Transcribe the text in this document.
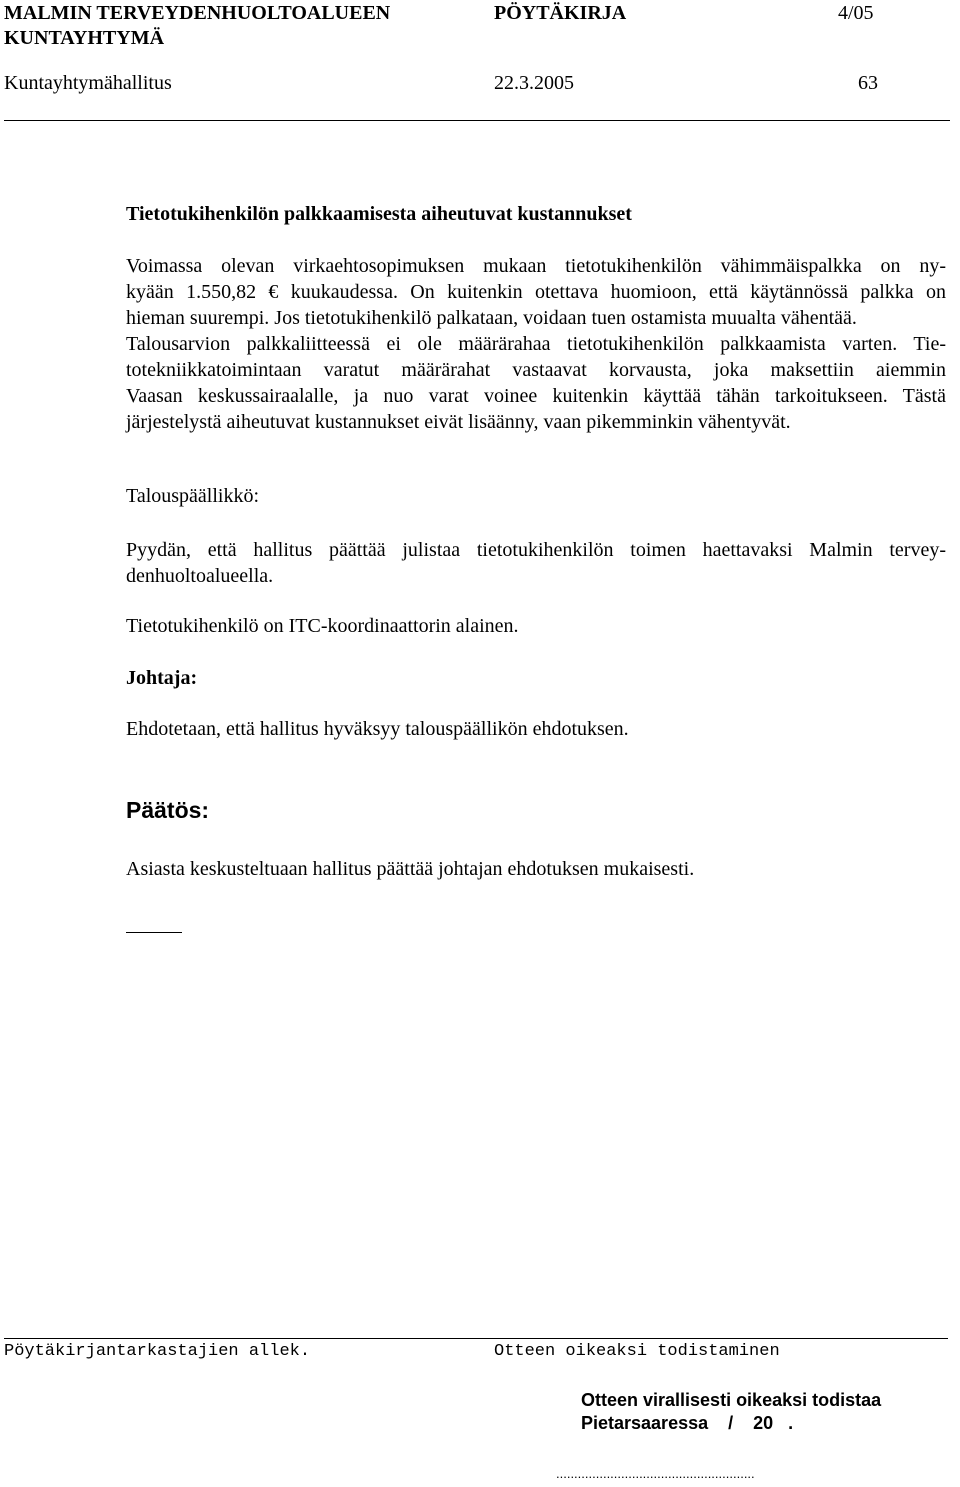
MALMIN TERVEYDENHUOLTOALUEEN
KUNTAYHTYMÄ
PÖYTÄKIRJA	4/05
Kuntayhtymähallitus	22.3.2005	63
Tietotukihenkilön palkkaamisesta aiheutuvat kustannukset
Voimassa olevan virkaehtosopimuksen mukaan tietotukihenkilön vähimmäispalkka on ny-
kyään 1.550,82 € kuukaudessa. On kuitenkin otettava huomioon, että käytännössä palkka on
hieman suurempi. Jos tietotukihenkilö palkataan, voidaan tuen ostamista muualta vähentää.
Talousarvion palkkaliitteessä ei ole määrärahaa tietotukihenkilön palkkaamista varten. Tie-
totekniikkatoimintaan varatut määrärahat vastaavat korvausta, joka maksettiin aiemmin
Vaasan keskussairaalalle, ja nuo varat voinee kuitenkin käyttää tähän tarkoitukseen. Tästä
järjestelystä aiheutuvat kustannukset eivät lisäänny, vaan pikemminkin vähentyvät.
Talouspäällikkö:
Pyydän, että hallitus päättää julistaa tietotukihenkilön toimen haettavaksi Malmin tervey-
denhuoltoalueella.
Tietotukihenkilö on ITC-koordinaattorin alainen.
Johtaja:
Ehdotetaan, että hallitus hyväksyy talouspäällikön ehdotuksen.
Päätös:
Asiasta keskusteltuaan hallitus päättää johtajan ehdotuksen mukaisesti.
Pöytäkirjantarkastajien allek.	Otteen oikeaksi todistaminen
Otteen virallisesti oikeaksi todistaa
Pietarsaaressa    /    20   .
.......................................................
